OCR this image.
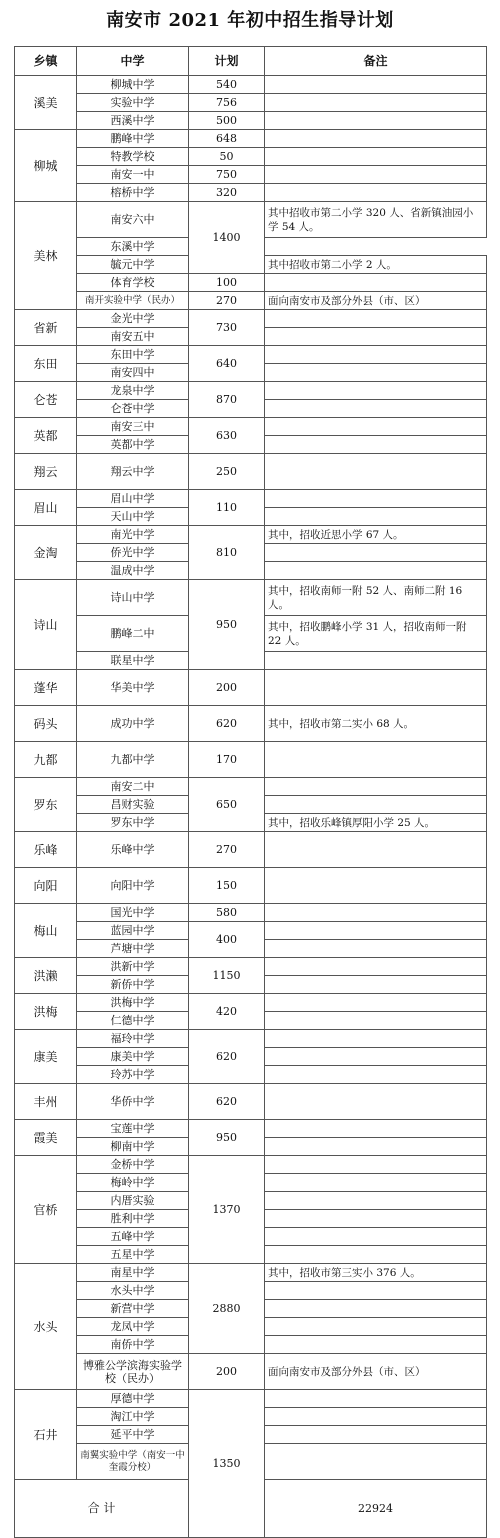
南安市 2021 年初中招生指导计划
乡镇	中学	计划	备注	
溪美	柳城中学	540		
	实验中学	756		
	西溪中学	500		
柳城	鹏峰中学	648		
	特教学校	50		
	南安一中	750		
	榕桥中学	320		
美林	南安六中	1400	其中招收市第二小学 320 人、省新镇油园小学 54 人。	
	东溪中学			
	毓元中学		其中招收市第二小学 2 人。	
	体育学校	100		
	南开实验中学（民办）	270	面向南安市及部分外县（市、区）	
省新	金光中学	730		
	南安五中			
东田	东田中学	640		
	南安四中			
仑苍	龙泉中学	870		
	仑苍中学			
英都	南安三中	630		
	英都中学			
翔云	翔云中学	250		
眉山	眉山中学	110		
	天山中学			
金淘	南光中学	810	其中，招收近思小学 67 人。	
	侨光中学			
	温成中学			
诗山	诗山中学	950	其中，招收南师一附 52 人、南师二附 16 人。	
	鹏峰二中		其中，招收鹏峰小学 31 人，招收南师一附 22 人。	
	联星中学			
蓬华	华美中学	200		
码头	成功中学	620	其中，招收市第二实小 68 人。	
九都	九都中学	170		
罗东	南安二中	650		
	昌财实验			
	罗东中学		其中，招收乐峰镇厚阳小学 25 人。	
乐峰	乐峰中学	270		
向阳	向阳中学	150		
梅山	国光中学	580		
	蓝园中学	400		
	芦塘中学			
洪濑	洪新中学	1150		
	新侨中学			
洪梅	洪梅中学	420		
	仁德中学			
康美	福玲中学	620		
	康美中学			
	玲苏中学			
丰州	华侨中学	620		
霞美	宝莲中学	950		
	柳南中学			
官桥	金桥中学	1370		
	梅岭中学			
	内厝实验			
	胜利中学			
	五峰中学			
	五星中学			
水头	南星中学	2880	其中，招收市第三实小 376 人。	
	水头中学			
	新营中学			
	龙凤中学			
	南侨中学			
	博雅公学滨海实验学校（民办）	200	面向南安市及部分外县（市、区）	
石井	厚德中学	1350		
	淘江中学			
	延平中学			
	南翼实验中学（南安一中奎霞分校）			
合 计			22924	
